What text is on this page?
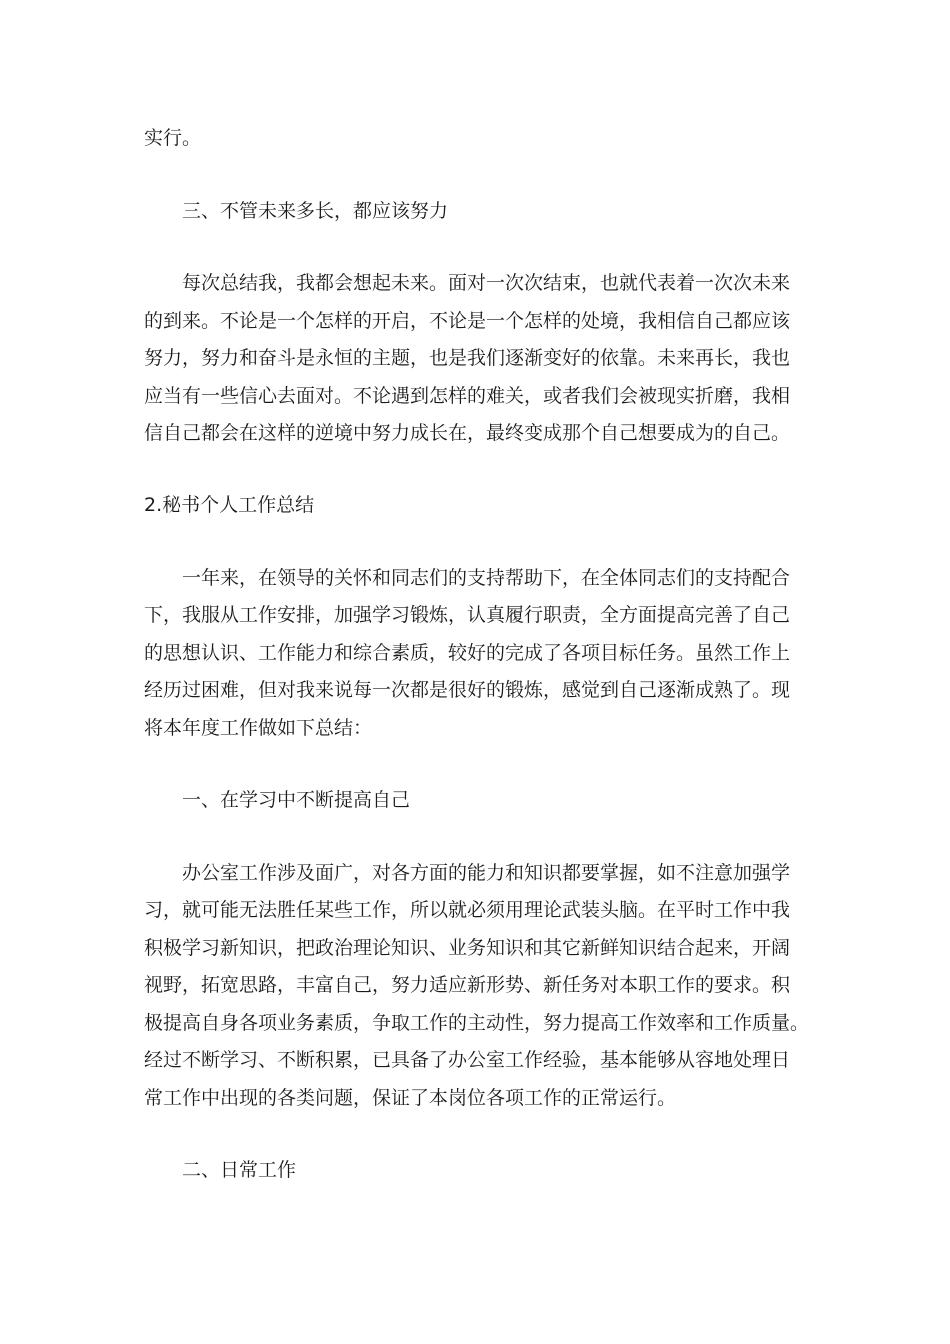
实行。
三、不管未来多长，都应该努力
每次总结我，我都会想起未来。面对一次次结束，也就代表着一次次未来
的到来。不论是一个怎样的开启，不论是一个怎样的处境，我相信自己都应该
努力，努力和奋斗是永恒的主题，也是我们逐渐变好的依靠。未来再长，我也
应当有一些信心去面对。不论遇到怎样的难关，或者我们会被现实折磨，我相
信自己都会在这样的逆境中努力成长在，最终变成那个自己想要成为的自己。
2.秘书个人工作总结
一年来，在领导的关怀和同志们的支持帮助下，在全体同志们的支持配合
下，我服从工作安排，加强学习锻炼，认真履行职责，全方面提高完善了自己
的思想认识、工作能力和综合素质，较好的完成了各项目标任务。虽然工作上
经历过困难，但对我来说每一次都是很好的锻炼，感觉到自己逐渐成熟了。现
将本年度工作做如下总结：
一、在学习中不断提高自己
办公室工作涉及面广，对各方面的能力和知识都要掌握，如不注意加强学
习，就可能无法胜任某些工作，所以就必须用理论武装头脑。在平时工作中我
积极学习新知识，把政治理论知识、业务知识和其它新鲜知识结合起来，开阔
视野，拓宽思路，丰富自己，努力适应新形势、新任务对本职工作的要求。积
极提高自身各项业务素质，争取工作的主动性，努力提高工作效率和工作质量。
经过不断学习、不断积累，已具备了办公室工作经验，基本能够从容地处理日
常工作中出现的各类问题，保证了本岗位各项工作的正常运行。
二、日常工作
